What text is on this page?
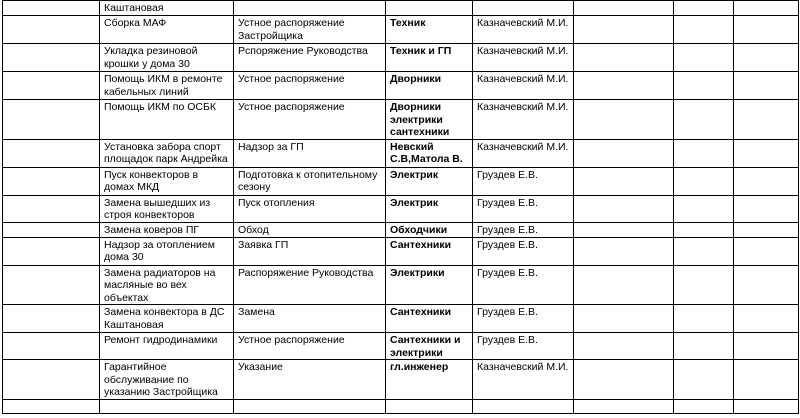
	Каштановая						
	Сборка МАФ	Устное распоряжение Застройщика	Техник	Казначевский М.И.			
	Укладка резиновой крошки у дома 30	Рспоряжение Руководства	Техник и ГП	Казначевский М.И.			
	Помощь ИКМ в ремонте кабельных линий	Устное распоряжение	Дворники	Казначевский М.И.			
	Помощь ИКМ по ОСБК	Устное распоряжение	Дворники электрики сантехники	Казначевский М.И.			
	Установка забора спорт площадок парк Андрейка	Надзор за ГП	Невский С.В,Матола В.	Казначевский М.И.			
	Пуск конвекторов в домах МКД	Подготовка к отопительному сезону	Электрик	Груздев Е.В.			
	Замена вышедших из строя конвекторов	Пуск отопления	Электрик	Груздев Е.В.			
	Замена коверов ПГ	Обход	Обходчики	Груздев Е.В.			
	Надзор за отоплением дома 30	Заявка ГП	Сантехники	Груздев Е.В.			
	Замена радиаторов на масляные во вех объектах	Распоряжение Руководства	Электрики	Груздев Е.В.			
	Замена конвектора в ДС Каштановая	Замена	Сантехники	Груздев Е.В.			
	Ремонт гидродинамики	Устное распоряжение	Сантехники и электрики	Груздев Е.В.			
	Гарантийное обслуживание по указанию Застройщика	Указание	гл.инженер	Казначевский М.И.			
